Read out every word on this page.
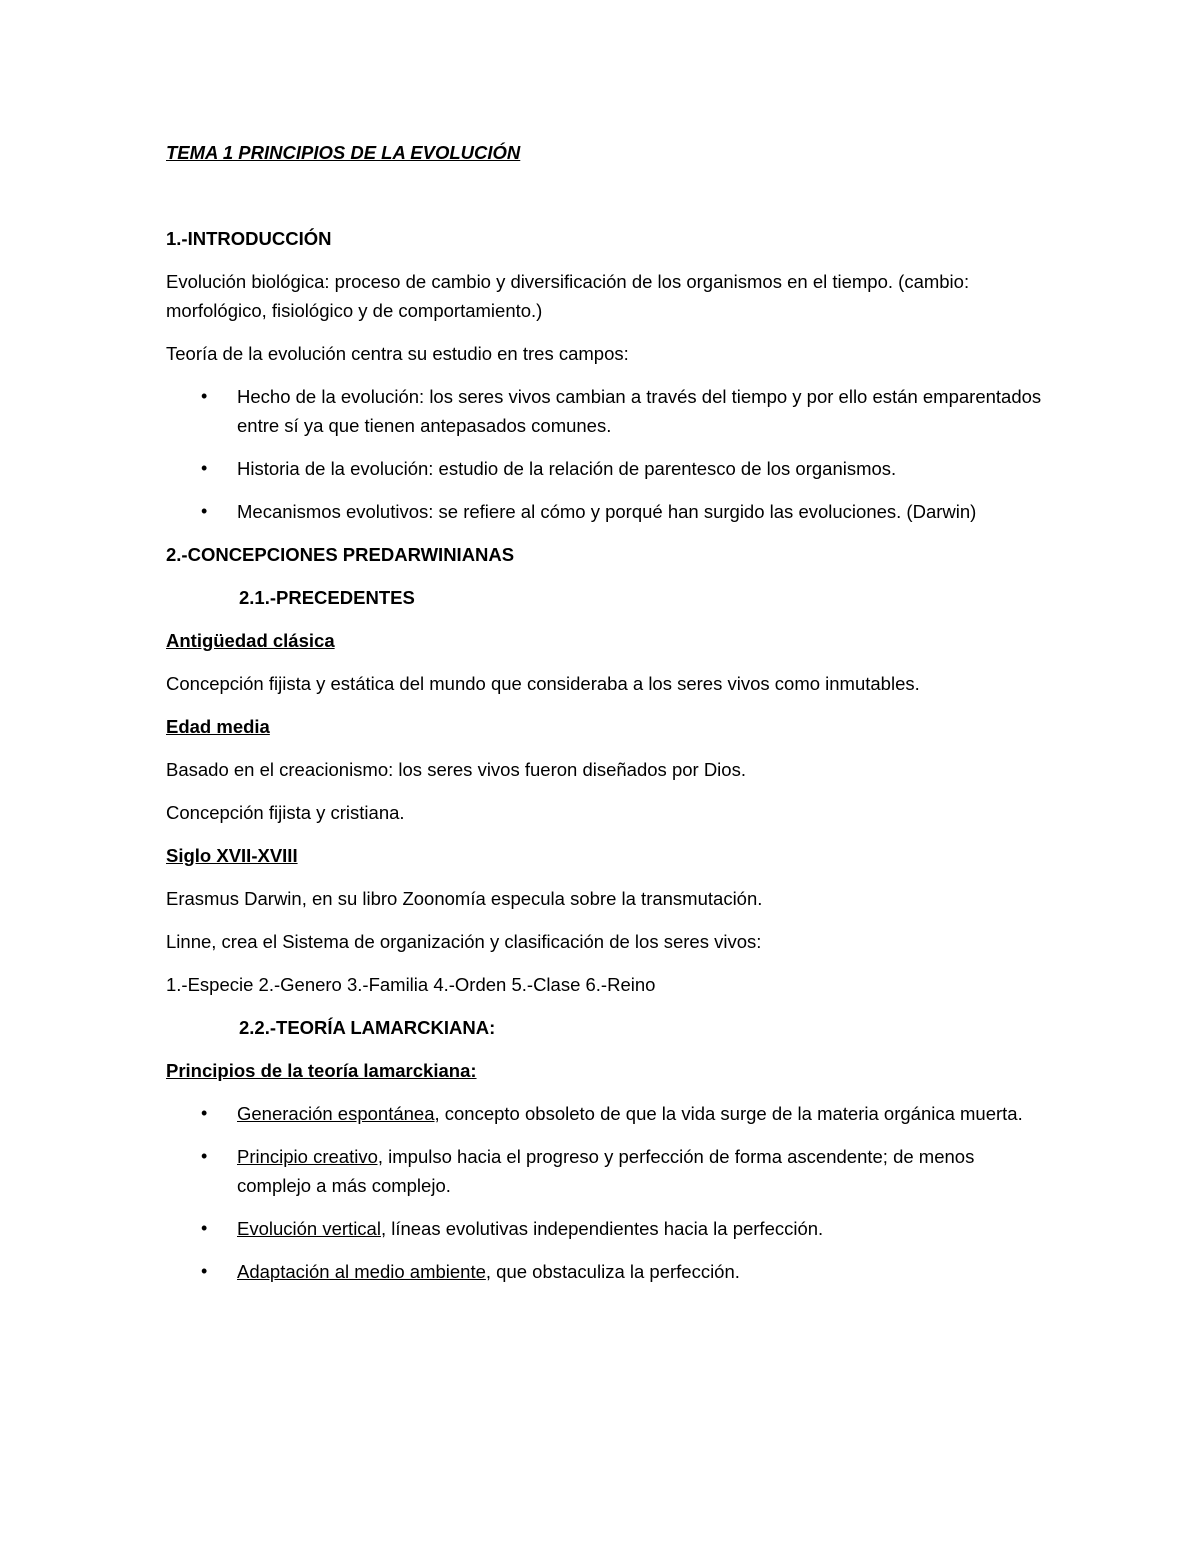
TEMA 1 PRINCIPIOS DE LA EVOLUCIÓN
1.-INTRODUCCIÓN
Evolución biológica: proceso de cambio y diversificación de los organismos en el tiempo. (cambio: morfológico, fisiológico y de comportamiento.)
Teoría de la evolución centra su estudio en tres campos:
• Hecho de la evolución: los seres vivos cambian a través del tiempo y por ello están emparentados entre sí ya que tienen antepasados comunes.
• Historia de la evolución: estudio de la relación de parentesco de los organismos.
• Mecanismos evolutivos: se refiere al cómo y porqué han surgido las evoluciones. (Darwin)
2.-CONCEPCIONES PREDARWINIANAS
2.1.-PRECEDENTES
Antigüedad clásica
Concepción fijista y estática del mundo que consideraba a los seres vivos como inmutables.
Edad media
Basado en el creacionismo: los seres vivos fueron diseñados por Dios.
Concepción fijista y cristiana.
Siglo XVII-XVIII
Erasmus Darwin, en su libro Zoonomía especula sobre la transmutación.
Linne, crea el Sistema de organización y clasificación de los seres vivos:
1.-Especie 2.-Genero 3.-Familia 4.-Orden 5.-Clase 6.-Reino
2.2.-TEORÍA LAMARCKIANA:
Principios de la teoría lamarckiana:
• Generación espontánea, concepto obsoleto de que la vida surge de la materia orgánica muerta.
• Principio creativo, impulso hacia el progreso y perfección de forma ascendente; de menos complejo a más complejo.
• Evolución vertical, líneas evolutivas independientes hacia la perfección.
• Adaptación al medio ambiente, que obstaculiza la perfección.
